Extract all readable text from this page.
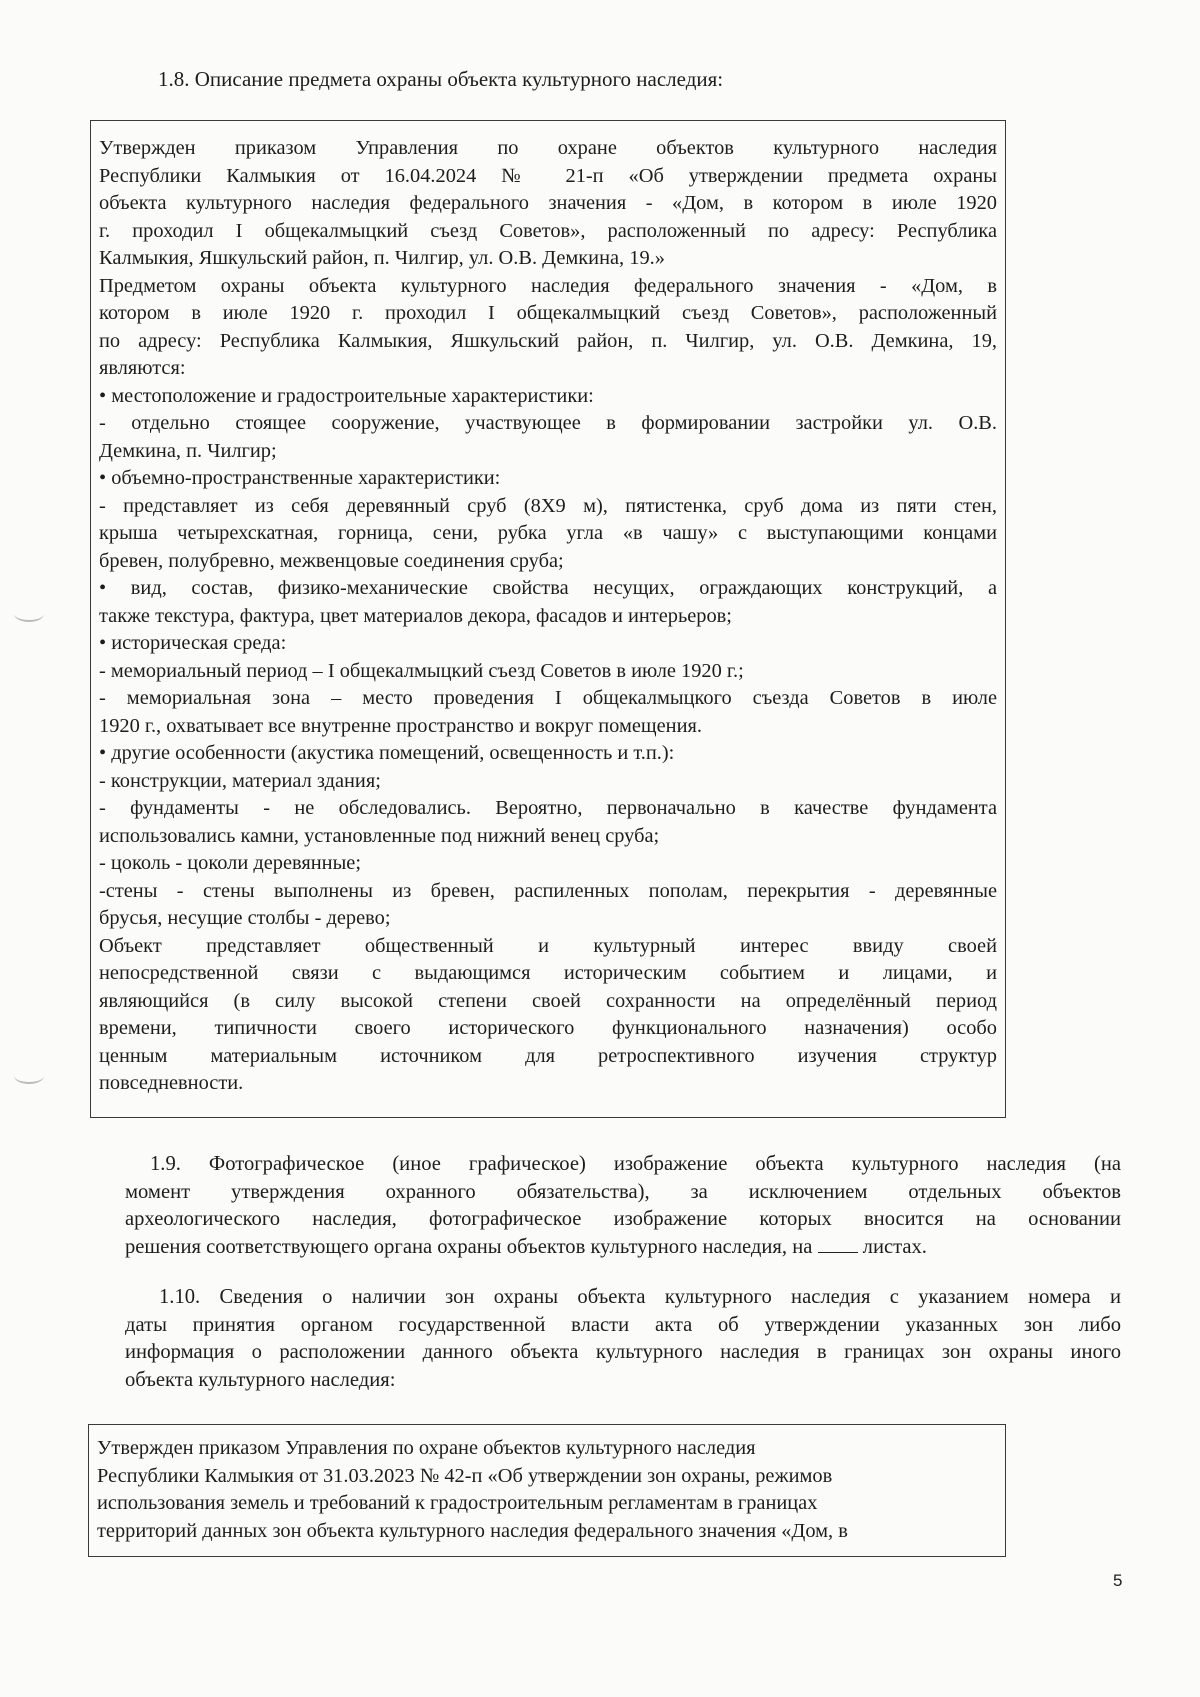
1.8. Описание предмета охраны объекта культурного наследия:
Утвержден приказом Управления по охране объектов культурного наследия
Республики Калмыкия от 16.04.2024 № 21-п «Об утверждении предмета охраны
объекта культурного наследия федерального значения - «Дом, в котором в июле 1920
г. проходил I общекалмыцкий съезд Советов», расположенный по адресу: Республика
Калмыкия, Яшкульский район, п. Чилгир, ул. О.В. Демкина, 19.»
Предметом охраны объекта культурного наследия федерального значения - «Дом, в
котором в июле 1920 г. проходил I общекалмыцкий съезд Советов», расположенный
по адресу: Республика Калмыкия, Яшкульский район, п. Чилгир, ул. О.В. Демкина, 19,
являются:
• местоположение и градостроительные характеристики:
- отдельно стоящее сооружение, участвующее в формировании застройки ул. О.В.
Демкина, п. Чилгир;
• объемно-пространственные характеристики:
- представляет из себя деревянный сруб (8Х9 м), пятистенка, сруб дома из пяти стен,
крыша четырехскатная, горница, сени, рубка угла «в чашу» с выступающими концами
бревен, полубревно, межвенцовые соединения сруба;
• вид, состав, физико-механические свойства несущих, ограждающих конструкций, а
также текстура, фактура, цвет материалов декора, фасадов и интерьеров;
• историческая среда:
- мемориальный период – I общекалмыцкий съезд Советов в июле 1920 г.;
- мемориальная зона – место проведения I общекалмыцкого съезда Советов в июле
1920 г., охватывает все внутренне пространство и вокруг помещения.
• другие особенности (акустика помещений, освещенность и т.п.):
- конструкции, материал здания;
- фундаменты - не обследовались. Вероятно, первоначально в качестве фундамента
использовались камни, установленные под нижний венец сруба;
- цоколь - цоколи деревянные;
-стены - стены выполнены из бревен, распиленных пополам, перекрытия - деревянные
брусья, несущие столбы - дерево;
Объект представляет общественный и культурный интерес ввиду своей
непосредственной связи с выдающимся историческим событием и лицами, и
являющийся (в силу высокой степени своей сохранности на определённый период
времени, типичности своего исторического функционального назначения) особо
ценным материальным источником для ретроспективного изучения структур
повседневности.
1.9. Фотографическое (иное графическое) изображение объекта культурного наследия (на
момент утверждения охранного обязательства), за исключением отдельных объектов
археологического наследия, фотографическое изображение которых вносится на основании
решения соответствующего органа охраны объектов культурного наследия, на  листах.
1.10. Сведения о наличии зон охраны объекта культурного наследия с указанием номера и
даты принятия органом государственной власти акта об утверждении указанных зон либо
информация о расположении данного объекта культурного наследия в границах зон охраны иного
объекта культурного наследия:
Утвержден приказом Управления по охране объектов культурного наследия
Республики Калмыкия от 31.03.2023 № 42-п «Об утверждении зон охраны, режимов
использования земель и требований к градостроительным регламентам в границах
территорий данных зон объекта культурного наследия федерального значения «Дом, в
5
